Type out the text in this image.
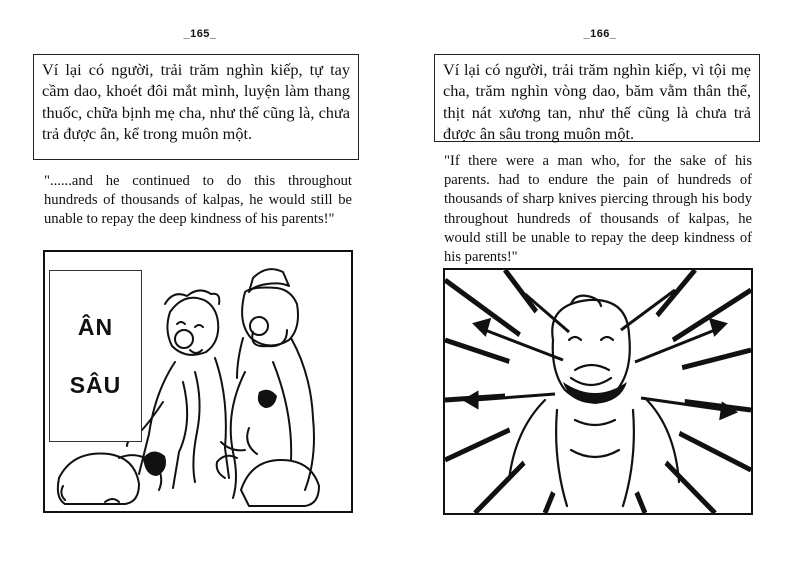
_165_
Ví lại có người, trải trăm nghìn kiếp, tự tay cầm dao, khoét đôi mắt mình, luyện làm thang thuốc, chữa bịnh mẹ cha, như thế cũng là, chưa trả được ân, kể trong muôn một.
"......and he continued to do this throughout hundreds of thousands of kalpas, he would still be unable to repay the deep kindness of his parents!"
ÂN
SÂU
_166_
Ví lại có người, trải trăm nghìn kiếp, vì tội mẹ cha, trăm nghìn vòng dao, băm vằm thân thể, thịt nát xương tan, như thế cũng là chưa trả được ân sâu trong muôn một.
"If there were a man who, for the sake of his parents. had to endure the pain of hundreds of thousands of sharp knives piercing through his body throughout hundreds of thousands of kalpas, he would still be unable to repay the deep kindness of his parents!"
